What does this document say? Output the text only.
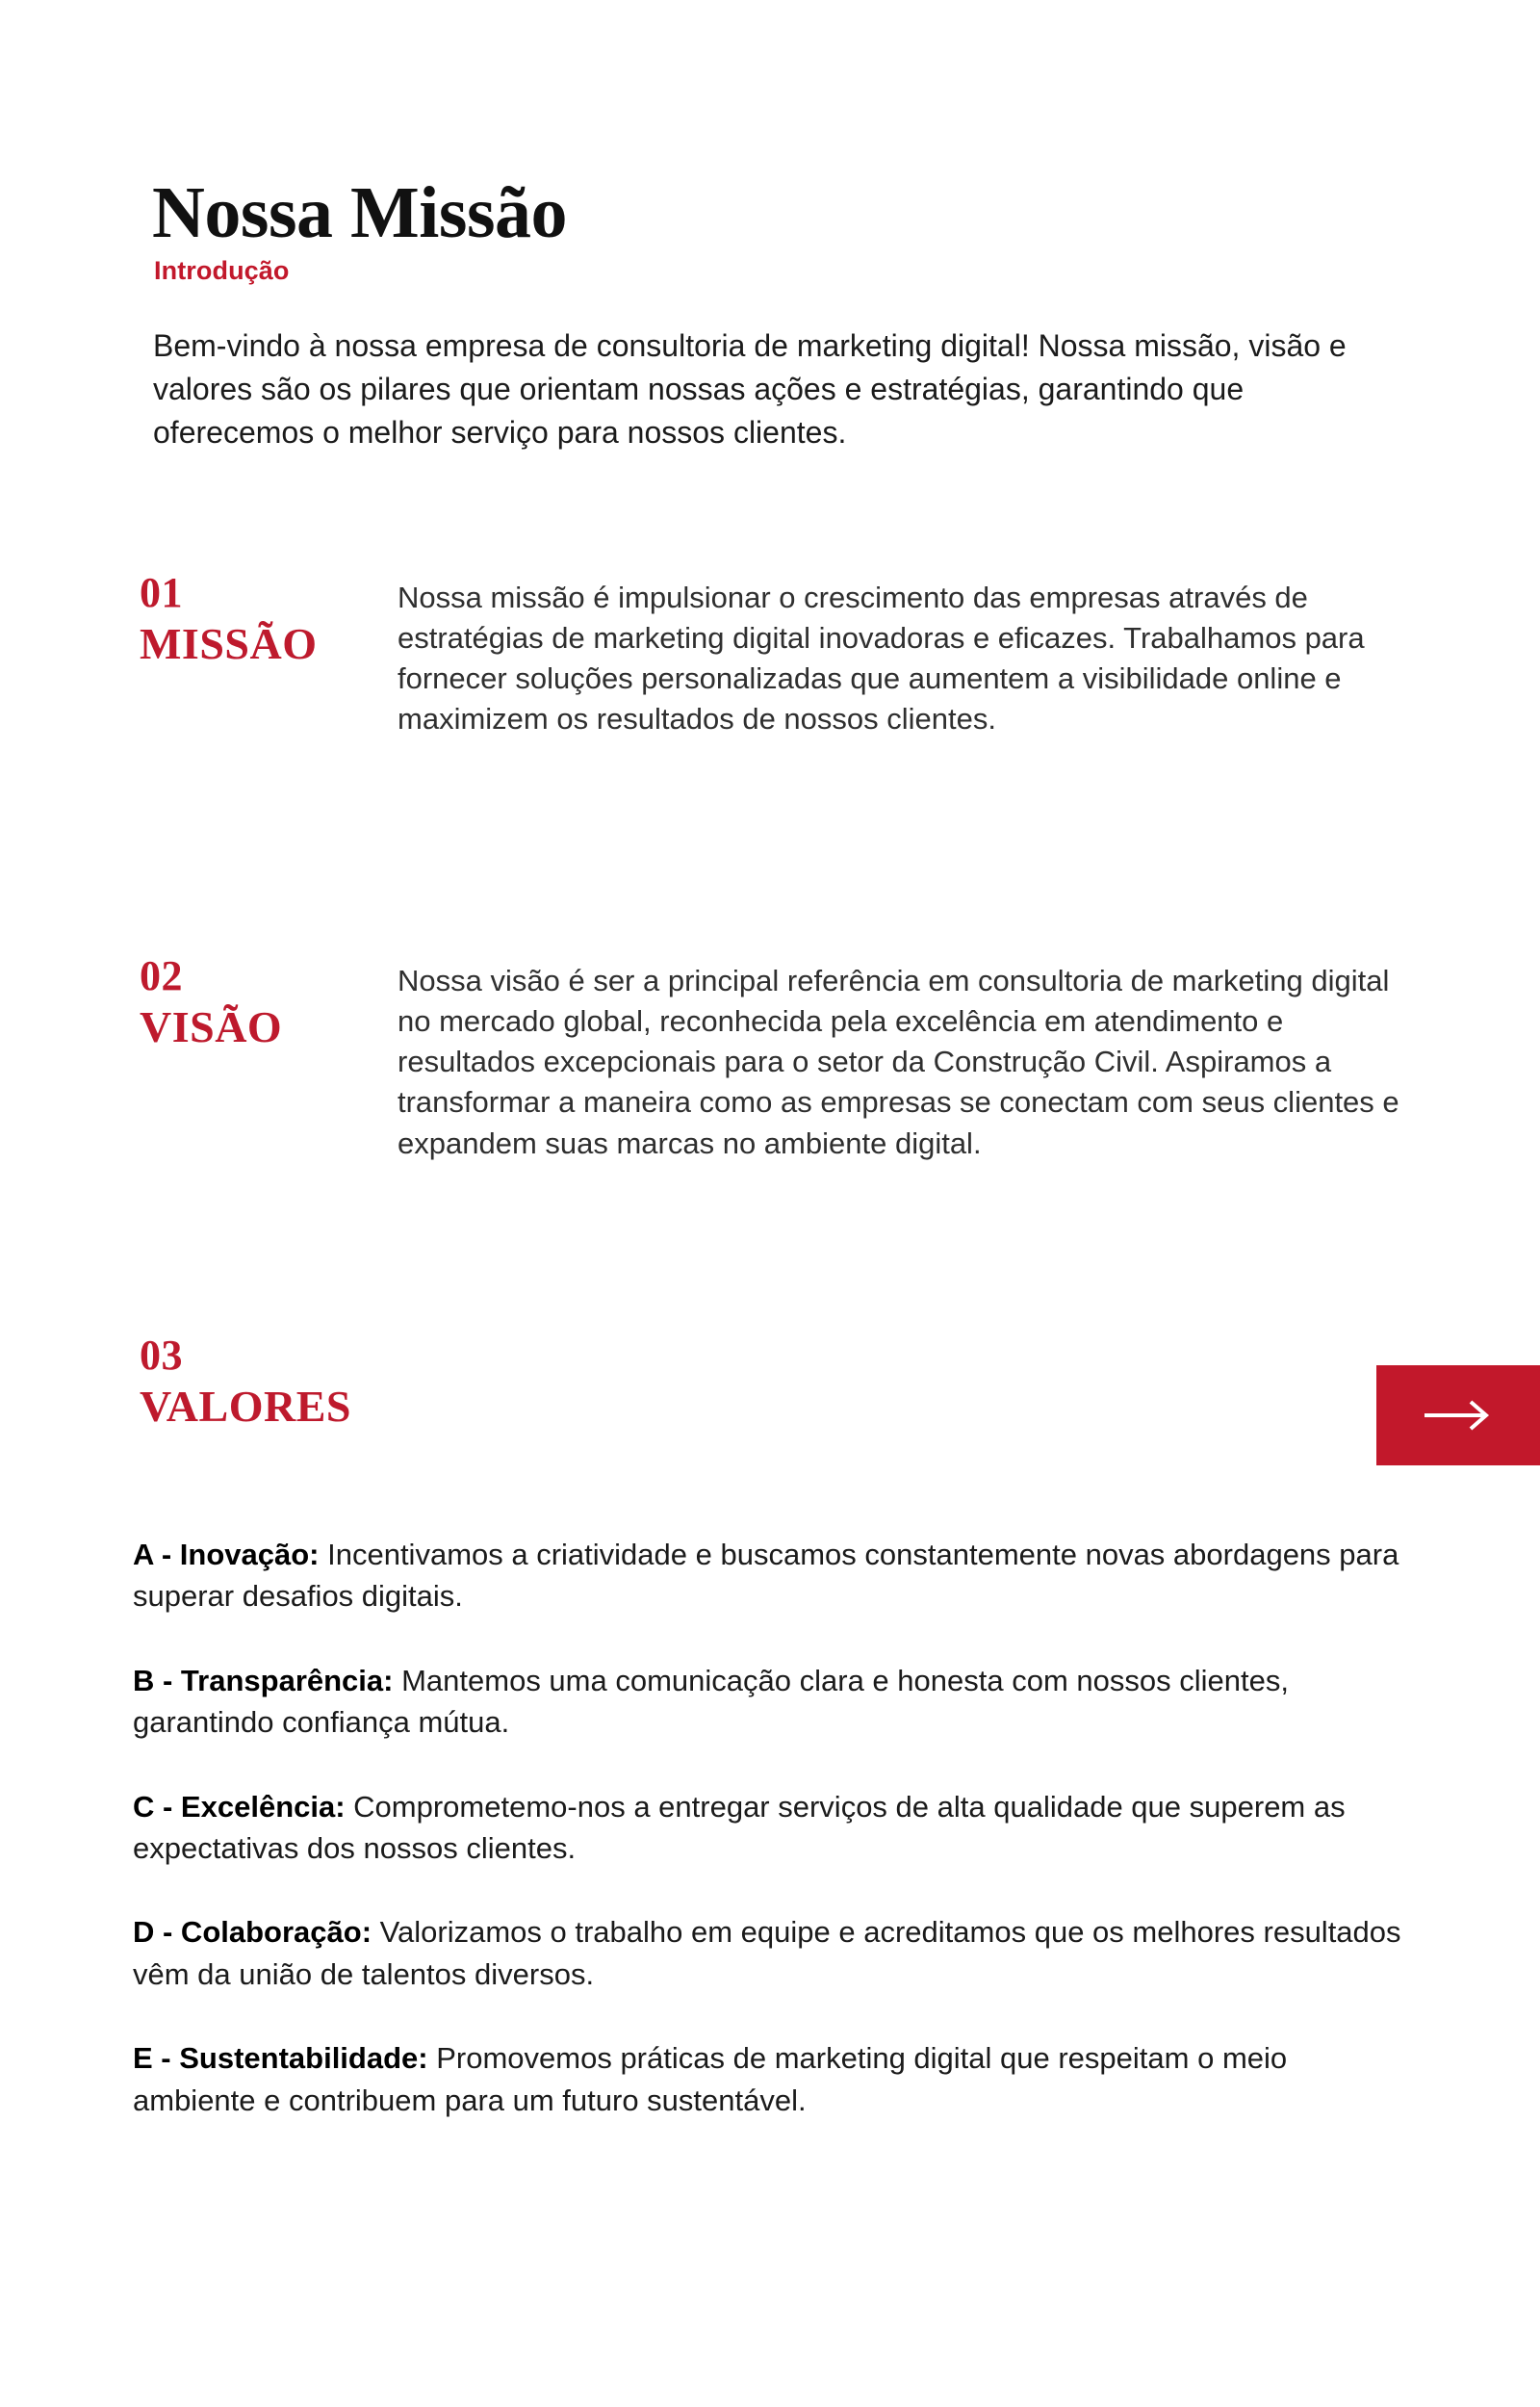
Nossa Missão
Introdução

Bem-vindo à nossa empresa de consultoria de marketing digital! Nossa missão, visão e valores são os pilares que orientam nossas ações e estratégias, garantindo que oferecemos o melhor serviço para nossos clientes.

01
MISSÃO
Nossa missão é impulsionar o crescimento das empresas através de estratégias de marketing digital inovadoras e eficazes. Trabalhamos para fornecer soluções personalizadas que aumentem a visibilidade online e maximizem os resultados de nossos clientes.
02
VISÃO
Nossa visão é ser a principal referência em consultoria de marketing digital no mercado global, reconhecida pela excelência em atendimento e resultados excepcionais para o setor da Construção Civil. Aspiramos a transformar a maneira como as empresas se conectam com seus clientes e expandem suas marcas no ambiente digital.
03
VALORES

A - Inovação: Incentivamos a criatividade e buscamos constantemente novas abordagens para superar desafios digitais.

B - Transparência: Mantemos uma comunicação clara e honesta com nossos clientes, garantindo confiança mútua.

C - Excelência: Comprometemo-nos a entregar serviços de alta qualidade que superem as expectativas dos nossos clientes.

D - Colaboração: Valorizamos o trabalho em equipe e acreditamos que os melhores resultados vêm da união de talentos diversos.

E - Sustentabilidade: Promovemos práticas de marketing digital que respeitam o meio ambiente e contribuem para um futuro sustentável.
